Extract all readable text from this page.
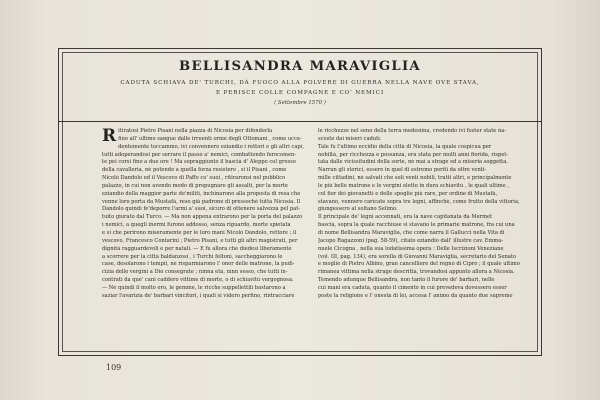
BELLISANDRA MARAVIGLIA
CADUTA SCHIAVA DE' TURCHI, DÀ FUOCO ALLA POLVERE DI GUERRA NELLA NAVE OVE STAVA,
E PERISCE COLLE COMPAGNE E CO' NEMICI
( Settembre 1570 )
Ritiratosi Pietro Pisani nella piazza di Nicosia per difenderla
fino all' ultimo sangue dalle irruenti orme degli Ottomani , come ucce-
dentemente toccammo, ivi convennero eziandio i rettori e gli altri capi,
tutti adoperandosi per serrare il passo a' nemici, combattendo ferocemen-
te pei corsi fino a due ore ! Ma sopraggiunto il bascià d' Aleppo col grosso
della cavalleria, nè potendo a quella forza resistere , si il Pisani , come
Nicolò Dandolo ed il Vescovo di Paffo co' suoi , ritiraronsi nel pubblico
palazzo, in cui non avendo modo di propugnare gli assalti, per la morte
eziandio della maggior parte de'militi, inchinarono alla proposta di resa che
venne loro porta da Mustafà, reso già padrone di pressochè tutta Nicosia. Il
Dandolo quindi fe'deporre l'armi a' suoi, sicuro di ottenere salvezza pel pat-
tuito giurato dal Turco. — Ma non appena entrarono per la porta del palazzo
i nemici, a quegli inermi furono addosso, senza riguardo, morte spietata
e si che perirono miseramente per le loro mani Nicolò Dandolo, rettore ; il
vescovo, Francesco Contarini ; Pietro Pisani, e tutti gli altri magistrati, per
dignità ragguardevoli e per natali. — E fu allora che diedesi liberamente
a scorrere per la città baldanzosi , i Turchi feltoni, saccheggiarono le
case, desolarono i tempii, nè risparmiarono l' onor delle matrone, la pudi-
cizia delle vergini a Dio consegrate ; ninna età, ninn sesso, che tutti in-
contrati da que' cani caddero vittime di morte, o di schiavitù vergognosa.
— Nè quindi il molto oro, le gemme, le ricche suppellettili bastarono a
saziar l'avarizia de' barbari vincitori, i quali si videro perfino, rintracciare
le ricchezze nel seno della terra medesima, credendo ivi foster state na-
scoste dai miseri caduti.
Tale fu l'ultimo eccidio della città di Nicosia, la quale cospicua per
nobiltà, per ricchezza e possanza, era stata per molti anni fiorida, rispet-
tata dalle vicissitudini della sorte, nè mai a strage ed a miseria soggetta.
Narran gli storici, essere in quel di estremo periti da oltre venti-
mille cittadini, nè salvati che soli venti nobili, tratti altri, e principalmente
le più belle matrone e le vergini elette in dura schiavitù , le quali ultime ,
col fior dei giovanetti e delle spoglie più rare, per ordine di Mustafà,
stavano, vennero caricate sopra tre legni, affinchè, come frutto della vittoria,
giungessero al soltano Selimo.
Il principale de' legni accennati, era la nave capitanata da Mermet
bascià, sopra la quale racchiuse si stavano le primarie matrone, fra cui una
di nome Bellisandra Maraviglia, che come narra il Gallucci nella Vita di
Jacopo Ragazzoni (pag. 58-59), citato eziandio dall' illustre cav. Emma-
nuele Cicogna , nella sua lodatissima opera : Delle Iscrizioni Veneziane
(vol. III, pag. 134), era sorella di Giovanni Maraviglia, secretario del Senato
e moglie di Pietro Albino, gran cancelliere del regno di Cipro ; il quale ultimo
rimanea vittima nella strage descritta, trovandosi appunto allora a Nicosia.
Temendo adunque Bellisandra, non tanto il furore de' barbari, nelle
cui mani era caduta, quanto il cimento in cui prevedeva dovessero esser
poste la religione e l' onestà di lei, accesa l' animo da quanto due supreme
109
